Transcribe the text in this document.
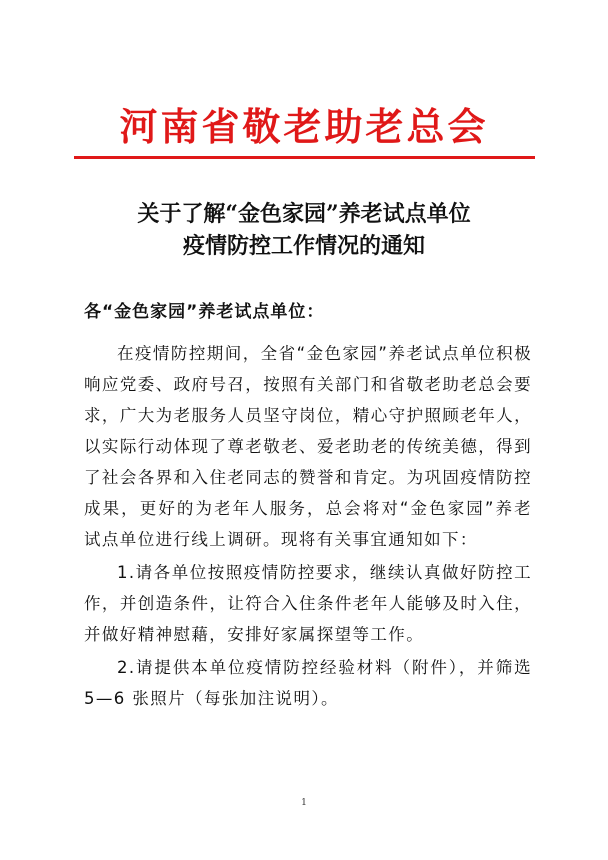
河南省敬老助老总会
关于了解“金色家园”养老试点单位
疫情防控工作情况的通知
各“金色家园”养老试点单位：

在疫情防控期间，全省“金色家园”养老试点单位积极响应党委、政府号召，按照有关部门和省敬老助老总会要求，广大为老服务人员坚守岗位，精心守护照顾老年人，以实际行动体现了尊老敬老、爱老助老的传统美德，得到了社会各界和入住老同志的赞誉和肯定。为巩固疫情防控成果，更好的为老年人服务，总会将对“金色家园”养老试点单位进行线上调研。现将有关事宜通知如下：

1.请各单位按照疫情防控要求，继续认真做好防控工作，并创造条件，让符合入住条件老年人能够及时入住，并做好精神慰藉，安排好家属探望等工作。

2.请提供本单位疫情防控经验材料（附件），并筛选 5—6 张照片（每张加注说明）。

1
